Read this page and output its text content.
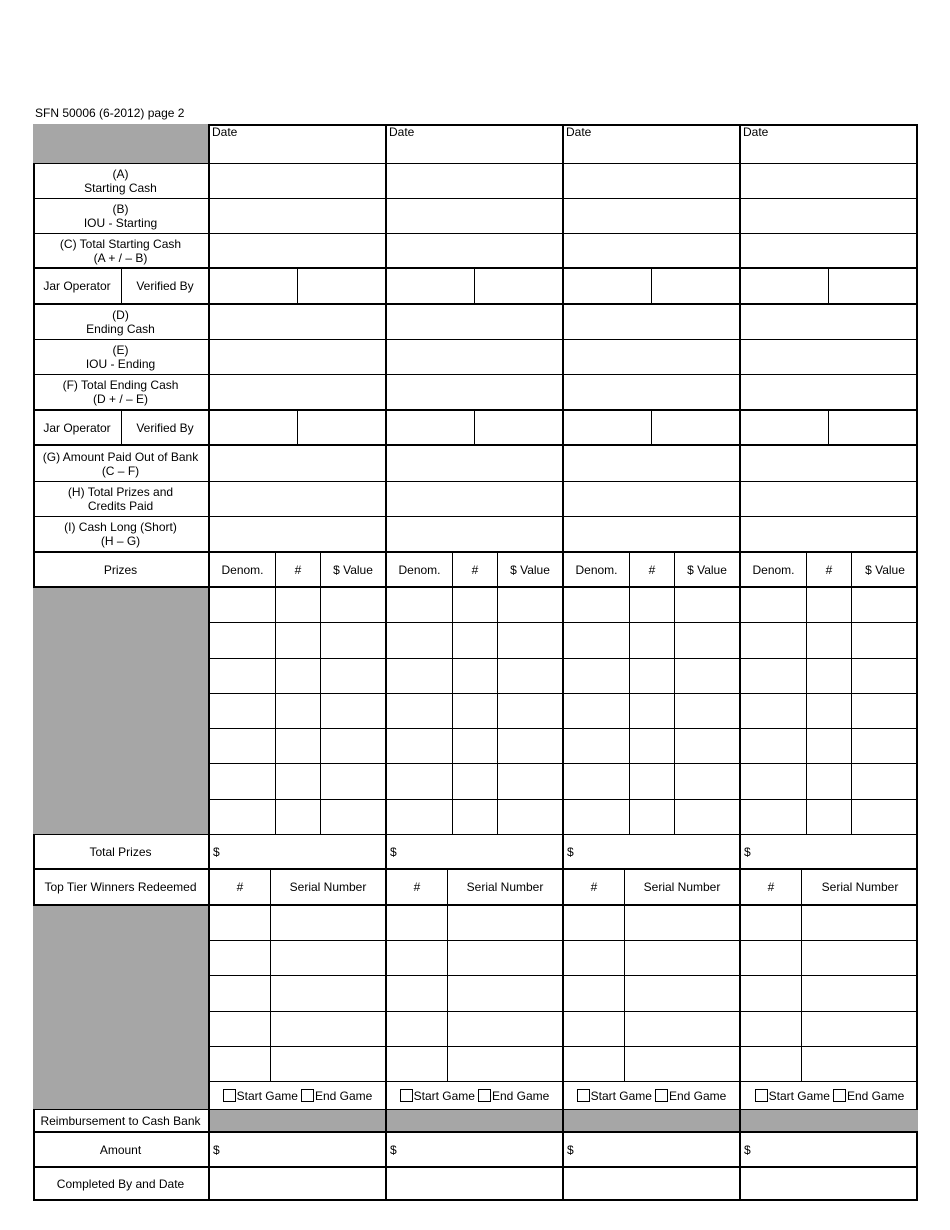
SFN 50006 (6-2012) page 2
Date	Date	Date	Date
(A)
Starting Cash
(B)
IOU - Starting
(C) Total Starting Cash
(A + / – B)
Jar Operator	Verified By
(D)
Ending Cash
(E)
IOU - Ending
(F) Total Ending Cash
(D + / – E)
Jar Operator	Verified By
(G) Amount Paid Out of Bank
(C – F)
(H) Total Prizes and
Credits Paid
(I) Cash Long (Short)
(H – G)
Prizes	Denom.	#	$ Value	Denom.	#	$ Value	Denom.	#	$ Value	Denom.	#	$ Value
Total Prizes	$	$	$	$
Top Tier Winners Redeemed	#	Serial Number	#	Serial Number	#	Serial Number	#	Serial Number
Start Game End Game	Start Game End Game	Start Game End Game	Start Game End Game
Reimbursement to Cash Bank
Amount	$	$	$	$
Completed By and Date
